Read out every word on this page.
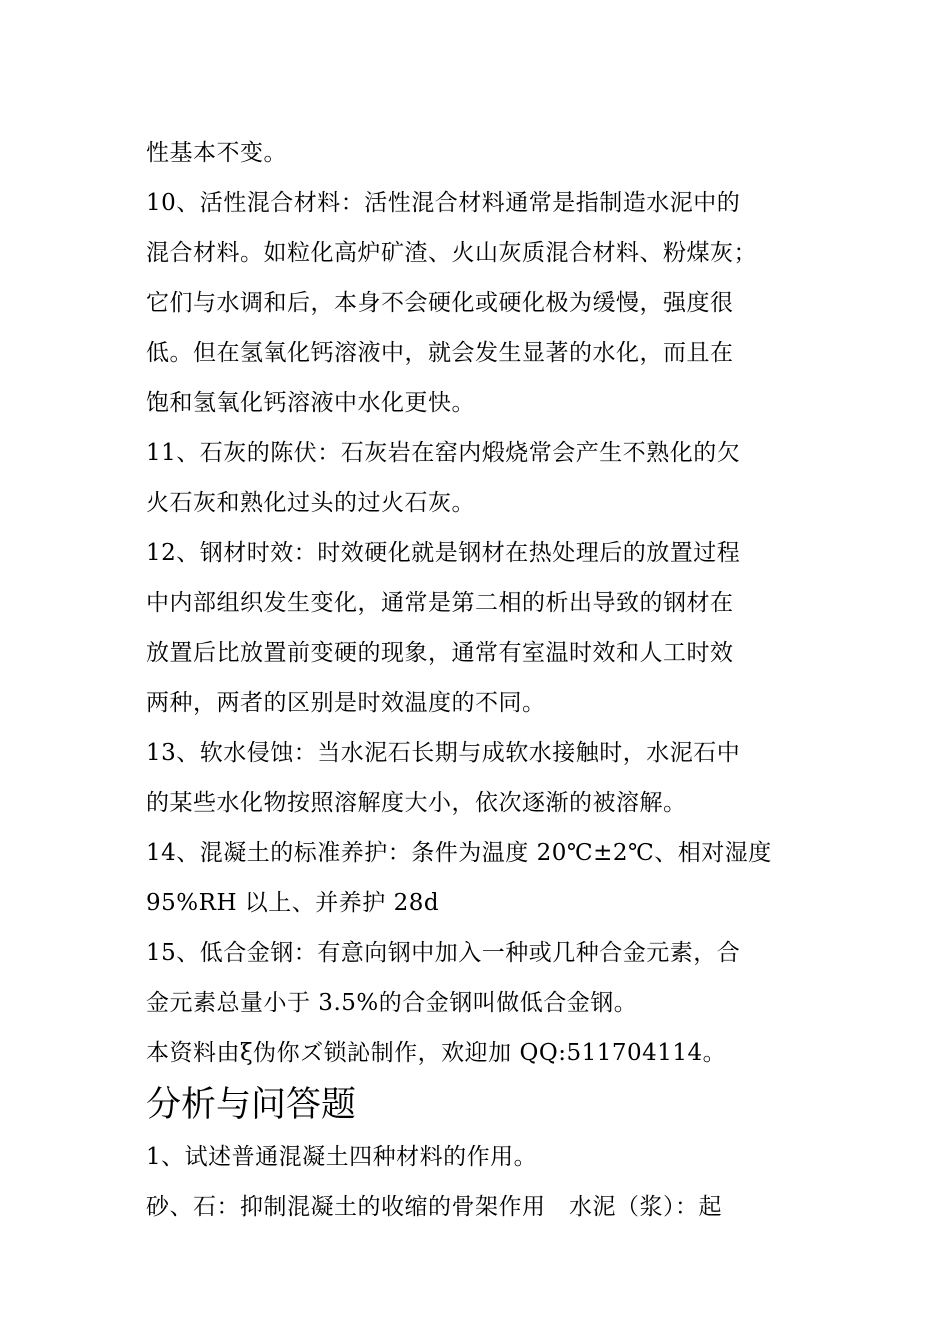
性基本不变。
10、活性混合材料：活性混合材料通常是指制造水泥中的
混合材料。如粒化高炉矿渣、火山灰质混合材料、粉煤灰；
它们与水调和后，本身不会硬化或硬化极为缓慢，强度很
低。但在氢氧化钙溶液中，就会发生显著的水化，而且在
饱和氢氧化钙溶液中水化更快。
11、石灰的陈伏：石灰岩在窑内煅烧常会产生不熟化的欠
火石灰和熟化过头的过火石灰。
12、钢材时效：时效硬化就是钢材在热处理后的放置过程
中内部组织发生变化，通常是第二相的析出导致的钢材在
放置后比放置前变硬的现象，通常有室温时效和人工时效
两种，两者的区别是时效温度的不同。
13、软水侵蚀：当水泥石长期与成软水接触时，水泥石中
的某些水化物按照溶解度大小，依次逐渐的被溶解。
14、混凝土的标准养护：条件为温度 20℃±2℃、相对湿度
95%RH 以上、并养护 28d
15、低合金钢：有意向钢中加入一种或几种合金元素，合
金元素总量小于 3.5%的合金钢叫做低合金钢。
本资料由ξ伪你ズ锁訫制作，欢迎加 QQ:511704114。
分析与问答题
1、试述普通混凝土四种材料的作用。
砂、石：抑制混凝土的收缩的骨架作用　水泥（浆）：起
